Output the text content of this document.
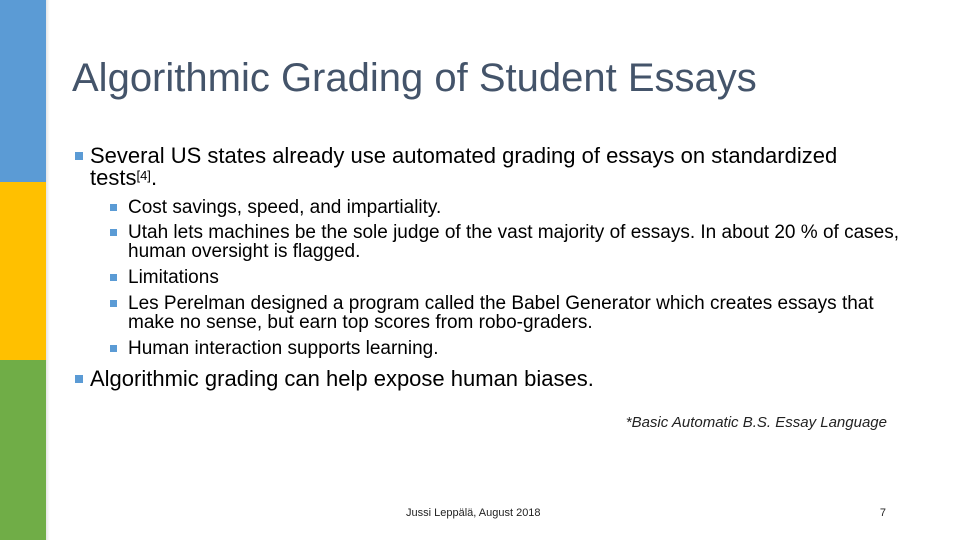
Algorithmic Grading of Student Essays
Several US states already use automated grading of essays on standardized tests[4].
Cost savings, speed, and impartiality.
Utah lets machines be the sole judge of the vast majority of essays. In about 20 % of cases, human oversight is flagged.
Limitations
Les Perelman designed a program called the Babel Generator which creates essays that make no sense, but earn top scores from robo-graders.
Human interaction supports learning.
Algorithmic grading can help expose human biases.
*Basic Automatic B.S. Essay Language
Jussi Leppälä, August 2018	7
